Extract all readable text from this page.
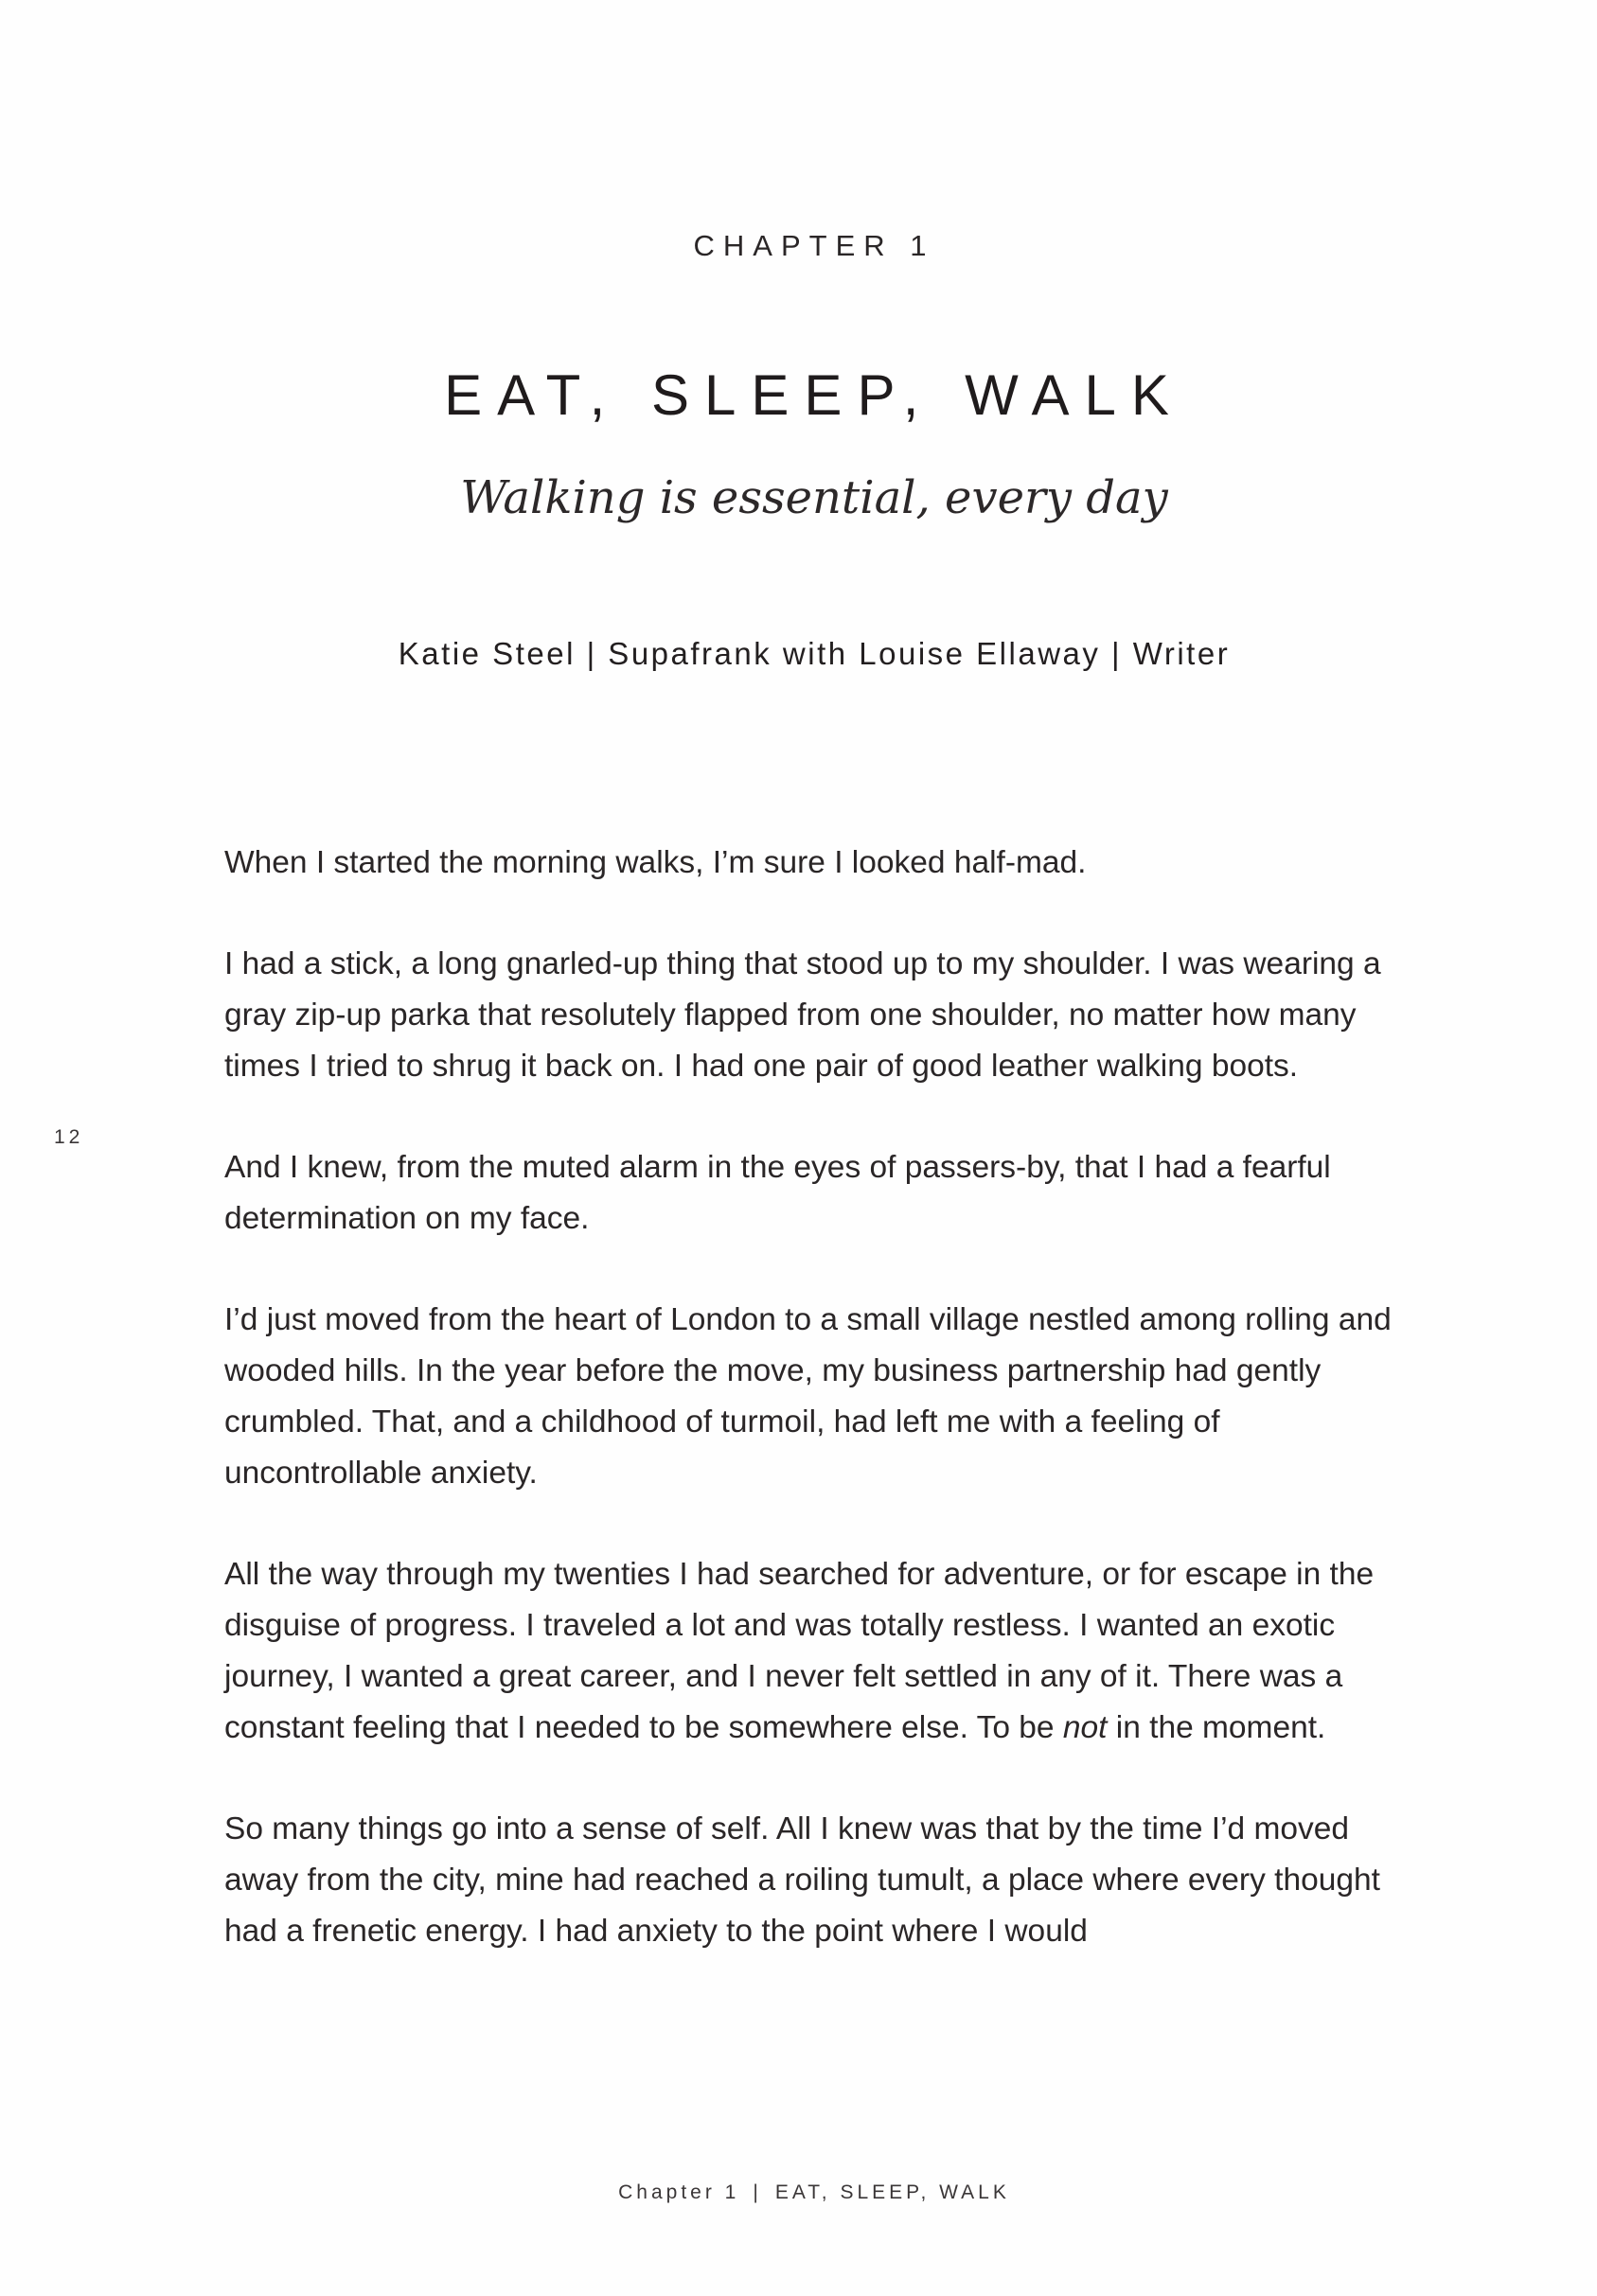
CHAPTER 1
EAT, SLEEP, WALK
Walking is essential, every day
Katie Steel | Supafrank with Louise Ellaway | Writer

When I started the morning walks, I’m sure I looked half-mad.

I had a stick, a long gnarled-up thing that stood up to my shoulder. I was wearing a gray zip-up parka that resolutely flapped from one shoulder, no matter how many times I tried to shrug it back on. I had one pair of good leather walking boots.

And I knew, from the muted alarm in the eyes of passers-by, that I had a fearful determination on my face.

I’d just moved from the heart of London to a small village nestled among rolling and wooded hills. In the year before the move, my business partnership had gently crumbled. That, and a childhood of turmoil, had left me with a feeling of uncontrollable anxiety.

All the way through my twenties I had searched for adventure, or for escape in the disguise of progress. I traveled a lot and was totally restless. I wanted an exotic journey, I wanted a great career, and I never felt settled in any of it. There was a constant feeling that I needed to be somewhere else. To be not in the moment.

So many things go into a sense of self. All I knew was that by the time I’d moved away from the city, mine had reached a roiling tumult, a place where every thought had a frenetic energy. I had anxiety to the point where I would

12
Chapter 1 | EAT, SLEEP, WALK
